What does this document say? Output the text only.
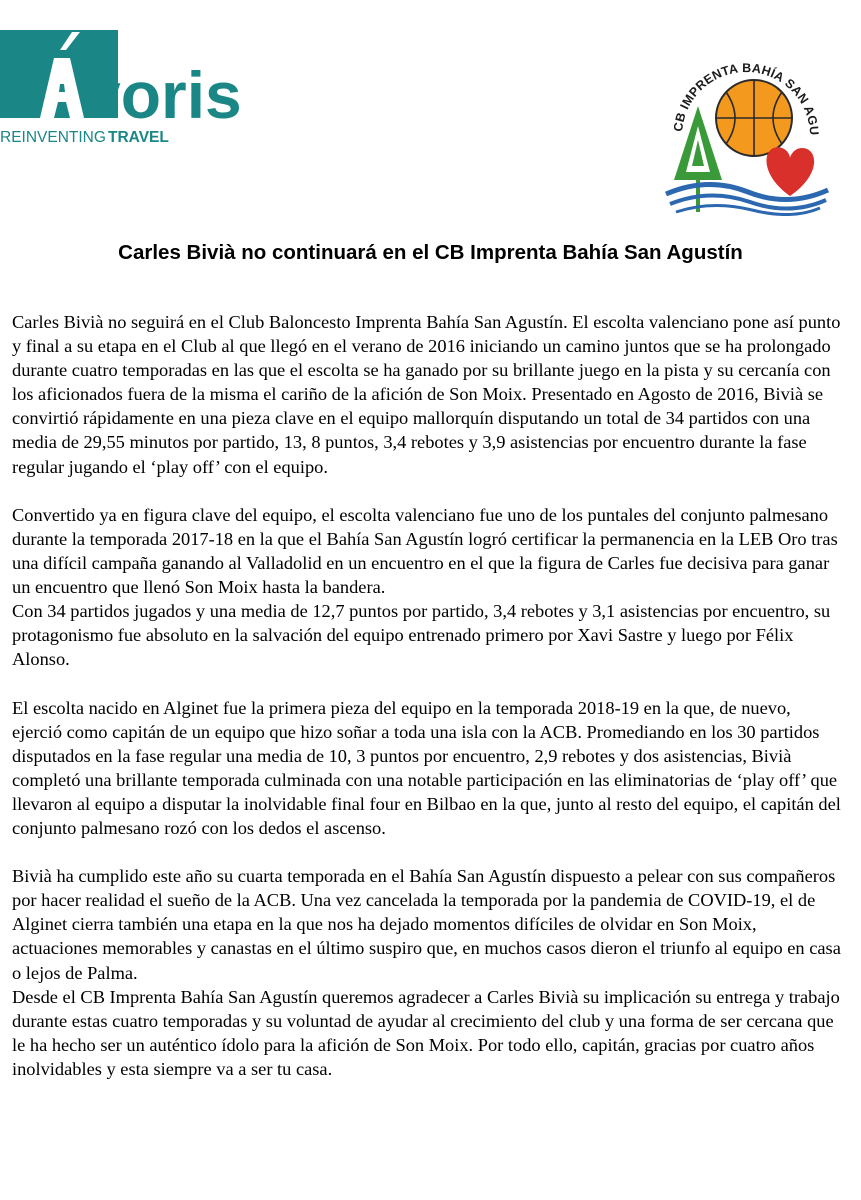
voris
REINVENTING TRAVEL
CB IMPRENTA BAHÍA SAN AGU
Carles Bivià no continuará en el CB Imprenta Bahía San Agustín

Carles Bivià no seguirá en el Club Baloncesto Imprenta Bahía San Agustín. El escolta valenciano pone así punto y final a su etapa en el Club al que llegó en el verano de 2016 iniciando un camino juntos que se ha prolongado durante cuatro temporadas en las que el escolta se ha ganado por su brillante juego en la pista y su cercanía con los aficionados fuera de la misma el cariño de la afición de Son Moix. Presentado en Agosto de 2016, Bivià se convirtió rápidamente en una pieza clave en el equipo mallorquín disputando un total de 34 partidos con una media de 29,55 minutos por partido, 13, 8 puntos, 3,4 rebotes y 3,9 asistencias por encuentro durante la fase regular jugando el ‘play off’ con el equipo.

Convertido ya en figura clave del equipo, el escolta valenciano fue uno de los puntales del conjunto palmesano durante la temporada 2017-18 en la que el Bahía San Agustín logró certificar la permanencia en la LEB Oro tras una difícil campaña ganando al Valladolid en un encuentro en el que la figura de Carles fue decisiva para ganar un encuentro que llenó Son Moix hasta la bandera.

Con 34 partidos jugados y una media de 12,7 puntos por partido, 3,4 rebotes y 3,1 asistencias por encuentro, su protagonismo fue absoluto en la salvación del equipo entrenado primero por Xavi Sastre y luego por Félix Alonso.

El escolta nacido en Alginet fue la primera pieza del equipo en la temporada 2018-19 en la que, de nuevo, ejerció como capitán de un equipo que hizo soñar a toda una isla con la ACB. Promediando en los 30 partidos disputados en la fase regular una media de 10, 3 puntos por encuentro, 2,9 rebotes y dos asistencias, Bivià completó una brillante temporada culminada con una notable participación en las eliminatorias de ‘play off’ que llevaron al equipo a disputar la inolvidable final four en Bilbao en la que, junto al resto del equipo, el capitán del conjunto palmesano rozó con los dedos el ascenso.

Bivià ha cumplido este año su cuarta temporada en el Bahía San Agustín dispuesto a pelear con sus compañeros por hacer realidad el sueño de la ACB. Una vez cancelada la temporada por la pandemia de COVID-19, el de Alginet cierra también una etapa en la que nos ha dejado momentos difíciles de olvidar en Son Moix, actuaciones memorables y canastas en el último suspiro que, en muchos casos dieron el triunfo al equipo en casa o lejos de Palma.

Desde el CB Imprenta Bahía San Agustín queremos agradecer a Carles Bivià su implicación su entrega y trabajo durante estas cuatro temporadas y su voluntad de ayudar al crecimiento del club y una forma de ser cercana que le ha hecho ser un auténtico ídolo para la afición de Son Moix. Por todo ello, capitán, gracias por cuatro años inolvidables y esta siempre va a ser tu casa.
